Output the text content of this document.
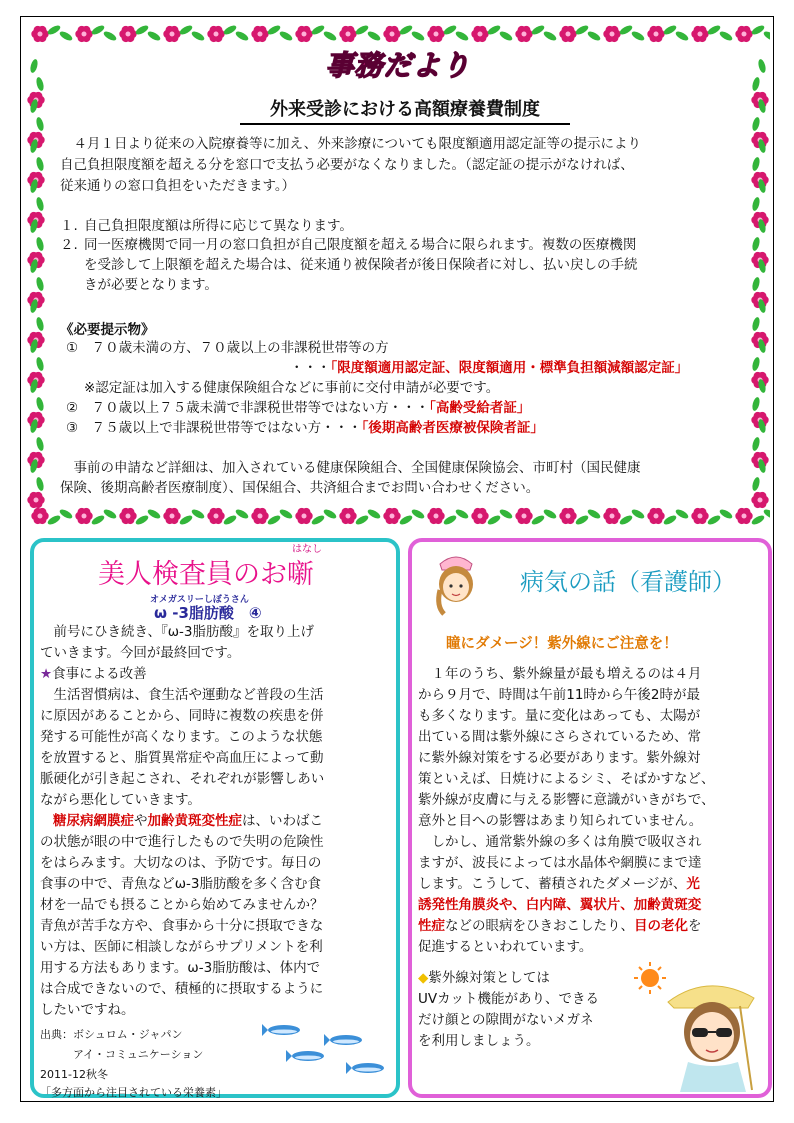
事務だより
外来受診における高額療養費制度
　４月１日より従来の入院療養等に加え、外来診療についても限度額適用認定証等の提示により
自己負担限度額を超える分を窓口で支払う必要がなくなりました。（認定証の提示がなければ、
従来通りの窓口負担をいただきます。）
１. 自己負担限度額は所得に応じて異なります。
２. 同一医療機関で同一月の窓口負担が自己限度額を超える場合に限られます。複数の医療機関
を受診して上限額を超えた場合は、従来通り被保険者が後日保険者に対し、払い戻しの手続
きが必要となります。
《必要提示物》
①　７０歳未満の方、７０歳以上の非課税世帯等の方
・・・「限度額適用認定証、限度額適用・標準負担額減額認定証」
※認定証は加入する健康保険組合などに事前に交付申請が必要です。
②　７０歳以上７５歳未満で非課税世帯等ではない方・・・「高齢受給者証」
③　７５歳以上で非課税世帯等ではない方・・・「後期高齢者医療被保険者証」
　事前の申請など詳細は、加入されている健康保険組合、全国健康保険協会、市町村（国民健康
保険、後期高齢者医療制度）、国保組合、共済組合までお問い合わせください。
はなし
美人検査員のお噺
オメガスリーしぼうさん
ω -3脂肪酸　④
　前号にひき続き、『ω-3脂肪酸』を取り上げ
ていきます。今回が最終回です。
★食事による改善
　生活習慣病は、食生活や運動など普段の生活
に原因があることから、同時に複数の疾患を併
発する可能性が高くなります。このような状態
を放置すると、脂質異常症や高血圧によって動
脈硬化が引き起こされ、それぞれが影響しあい
ながら悪化していきます。
糖尿病網膜症や加齢黄斑変性症は、いわばこ
の状態が眼の中で進行したもので失明の危険性
をはらみます。大切なのは、予防です。毎日の
食事の中で、青魚などω-3脂肪酸を多く含む食
材を一品でも摂ることから始めてみませんか？
青魚が苦手な方や、食事から十分に摂取できな
い方は、医師に相談しながらサプリメントを利
用する方法もあります。ω-3脂肪酸は、体内で
は合成できないので、積極的に摂取するように
したいですね。
出典：ボシュロム・ジャパン
　　　アイ・コミュニケーション
2011-12秋冬
「多方面から注目されている栄養素」
病気の話（看護師）
瞳にダメージ！紫外線にご注意を！
　１年のうち、紫外線量が最も増えるのは４月
から９月で、時間は午前11時から午後2時が最
も多くなります。量に変化はあっても、太陽が
出ている間は紫外線にさらされているため、常
に紫外線対策をする必要があります。紫外線対
策といえば、日焼けによるシミ、そばかすなど、
紫外線が皮膚に与える影響に意識がいきがちで、
意外と目への影響はあまり知られていません。
　しかし、通常紫外線の多くは角膜で吸収され
ますが、波長によっては水晶体や網膜にまで達
します。こうして、蓄積されたダメージが、光
誘発性角膜炎や、白内障、翼状片、加齢黄斑変
性症などの眼病をひきおこしたり、目の老化を
促進するといわれています。
◆紫外線対策としては
UVカット機能があり、できる
だけ顔との隙間がないメガネ
を利用しましょう。
